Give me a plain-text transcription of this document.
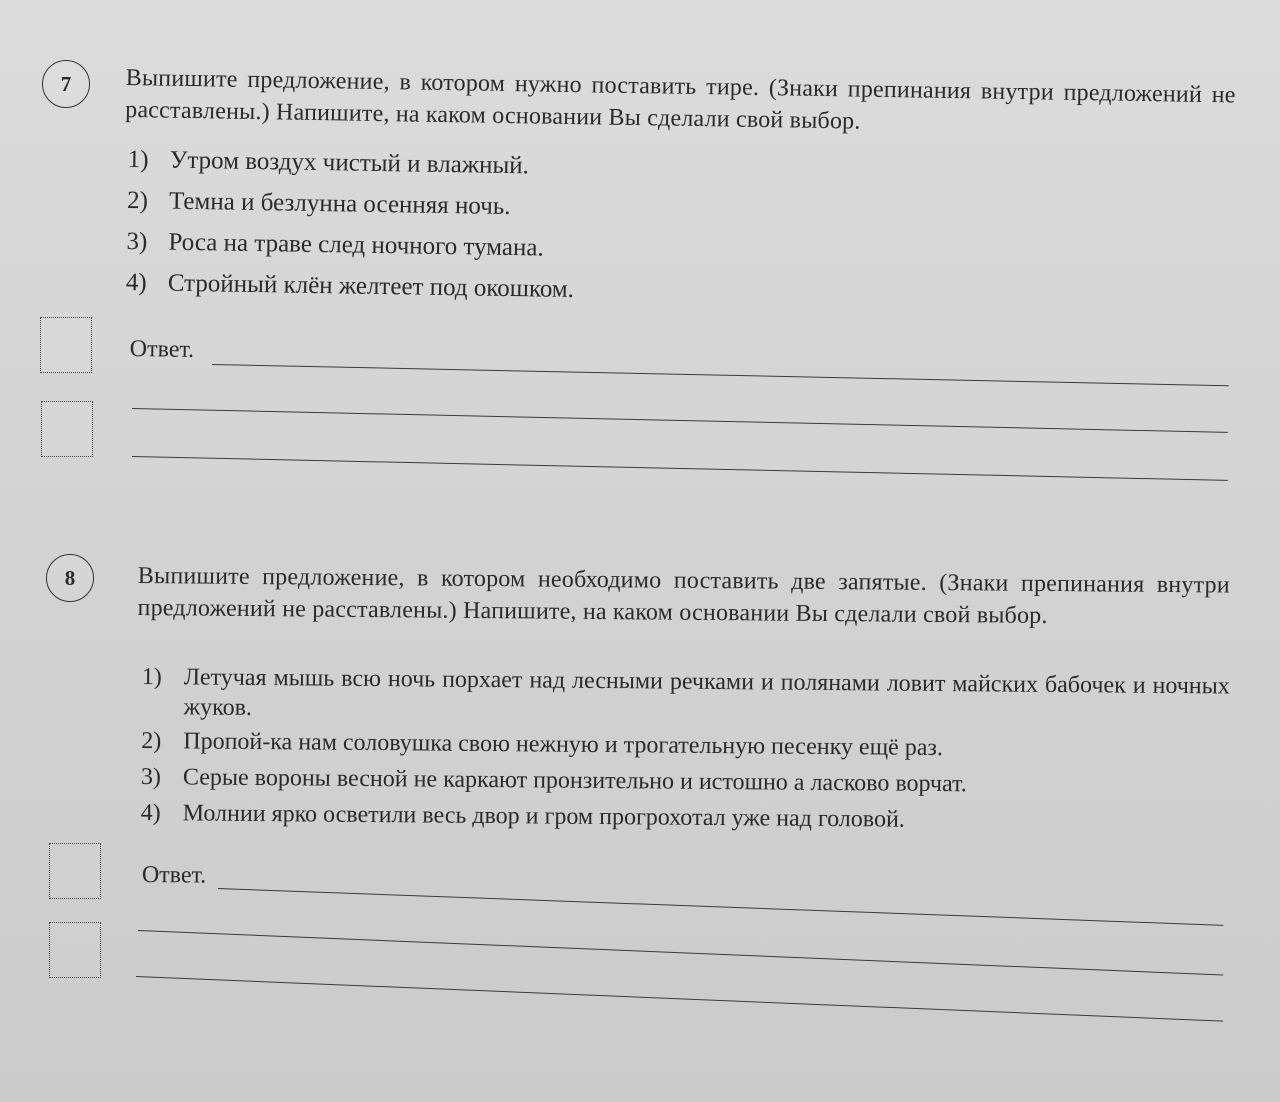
7	Выпишите предложение, в котором нужно поставить тире. (Знаки препинания внутри предложений не расставлены.) Напишите, на каком основании Вы сделали свой выбор.
1) Утром воздух чистый и влажный.
2) Темна и безлунна осенняя ночь.
3) Роса на траве след ночного тумана.
4) Стройный клён желтеет под окошком.
Ответ.
8	Выпишите предложение, в котором необходимо поставить две запятые. (Знаки препинания внутри предложений не расставлены.) Напишите, на каком основании Вы сделали свой выбор.
1) Летучая мышь всю ночь порхает над лесными речками и полянами ловит майских бабочек и ночных жуков.
2) Пропой-ка нам соловушка свою нежную и трогательную песенку ещё раз.
3) Серые вороны весной не каркают пронзительно и истошно а ласково ворчат.
4) Молнии ярко осветили весь двор и гром прогрохотал уже над головой.
Ответ.
